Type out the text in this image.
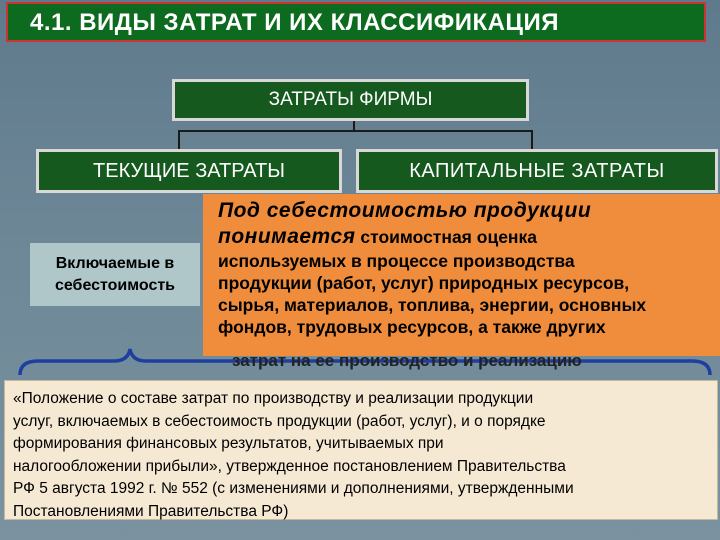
4.1. ВИДЫ ЗАТРАТ И ИХ КЛАССИФИКАЦИЯ
ЗАТРАТЫ ФИРМЫ
ТЕКУЩИЕ ЗАТРАТЫ	КАПИТАЛЬНЫЕ ЗАТРАТЫ
Включаемые в
себестоимость
Под себестоимостью продукции
понимается стоимостная оценка
используемых в процессе производства
продукции (работ, услуг) природных ресурсов,
сырья, материалов, топлива, энергии, основных
фондов, трудовых ресурсов, а также других
затрат на ее производство и реализацию
«Положение о составе затрат по производству и реализации продукции
услуг, включаемых в себестоимость продукции (работ, услуг), и о порядке
формирования финансовых результатов, учитываемых при
налогообложении прибыли», утвержденное постановлением Правительства
РФ 5 августа 1992 г. № 552 (с изменениями и дополнениями, утвержденными
Постановлениями Правительства РФ)
